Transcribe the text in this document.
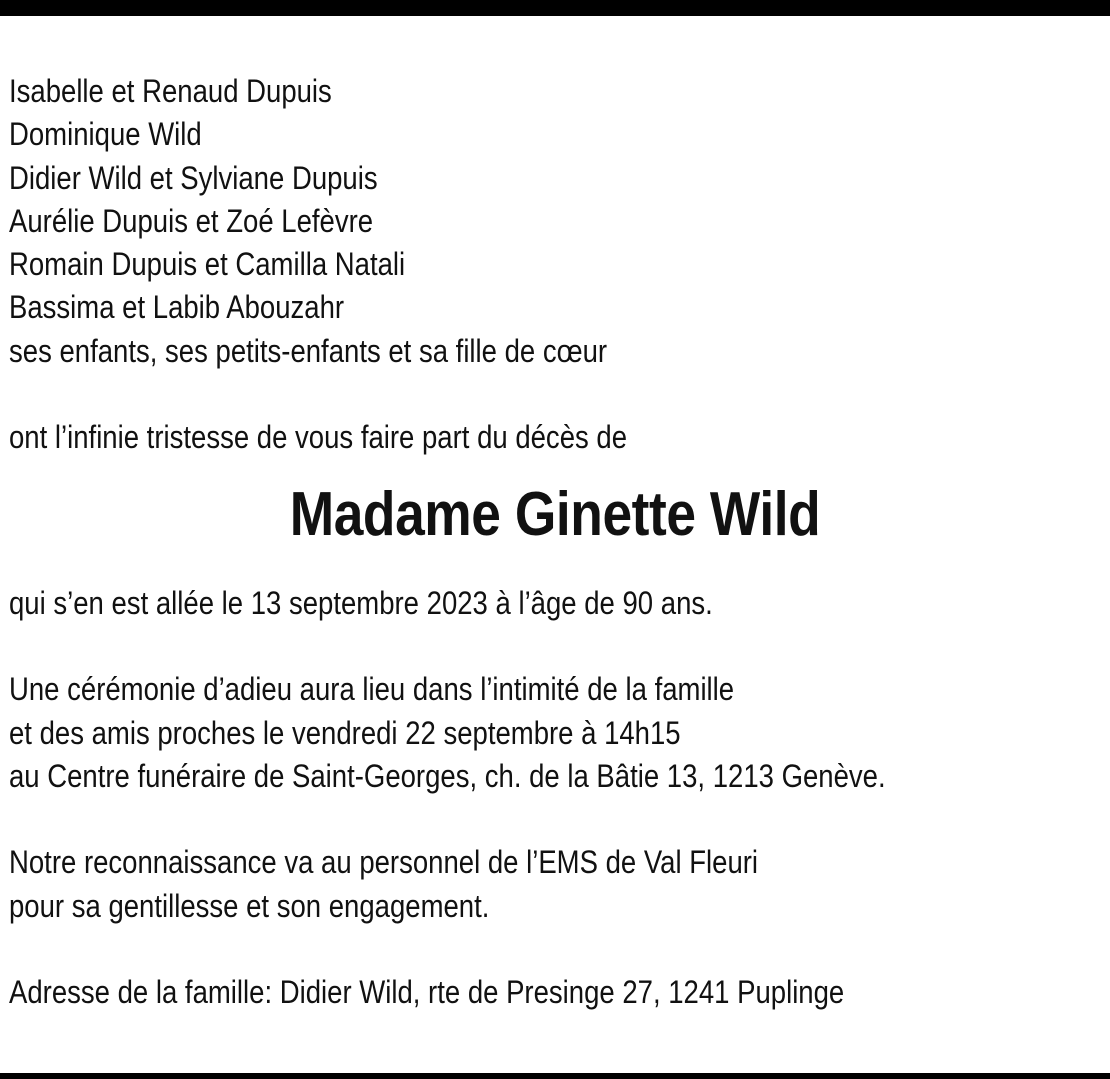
Isabelle et Renaud Dupuis
Dominique Wild
Didier Wild et Sylviane Dupuis
Aurélie Dupuis et Zoé Lefèvre
Romain Dupuis et Camilla Natali
Bassima et Labib Abouzahr
ses enfants, ses petits-enfants et sa fille de cœur
ont l’infinie tristesse de vous faire part du décès de
Madame Ginette Wild
qui s’en est allée le 13 septembre 2023 à l’âge de 90 ans.
Une cérémonie d’adieu aura lieu dans l’intimité de la famille
et des amis proches le vendredi 22 septembre à 14h15
au Centre funéraire de Saint-Georges, ch. de la Bâtie 13, 1213 Genève.
Notre reconnaissance va au personnel de l’EMS de Val Fleuri
pour sa gentillesse et son engagement.
Adresse de la famille: Didier Wild, rte de Presinge 27, 1241 Puplinge
